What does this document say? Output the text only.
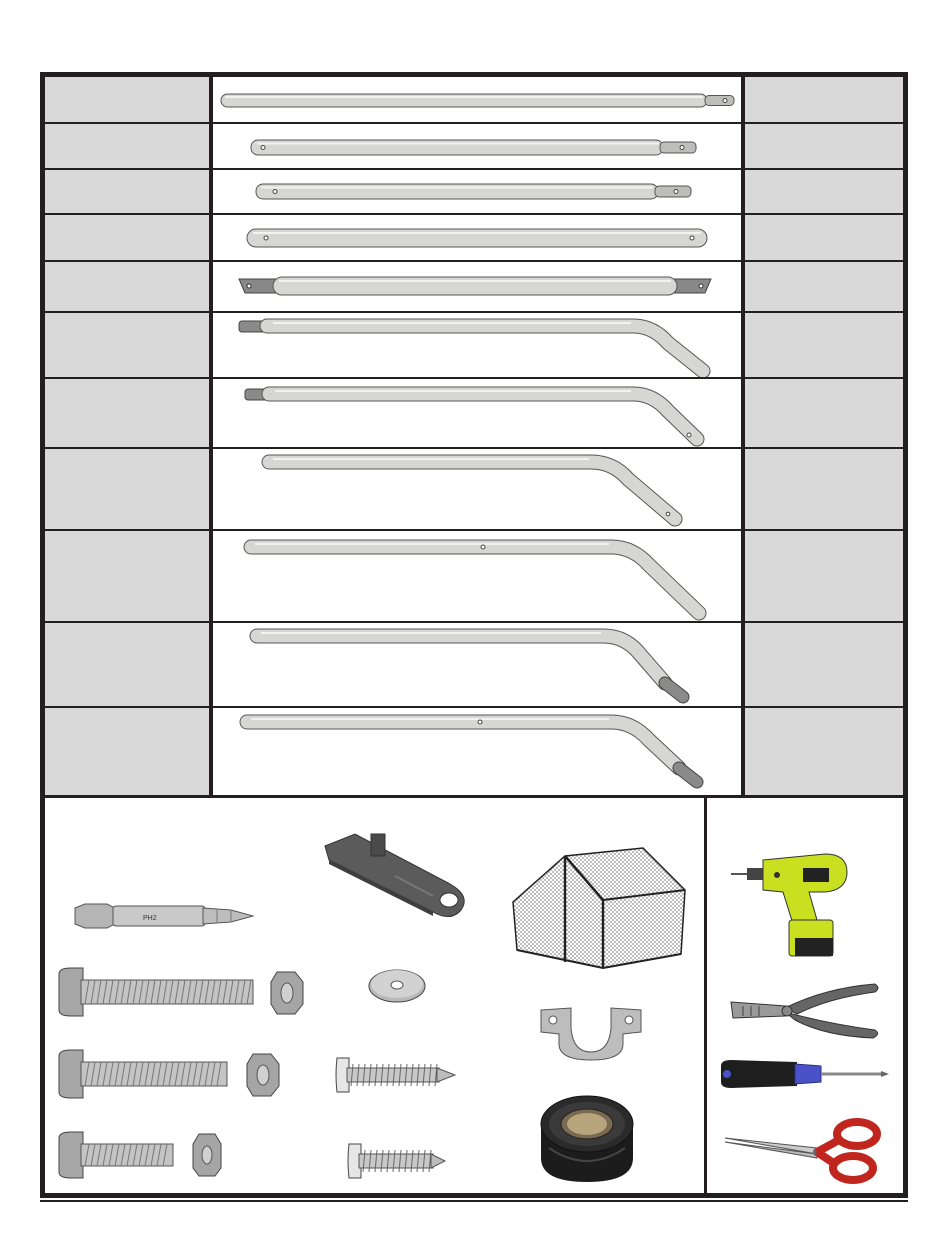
PH2
